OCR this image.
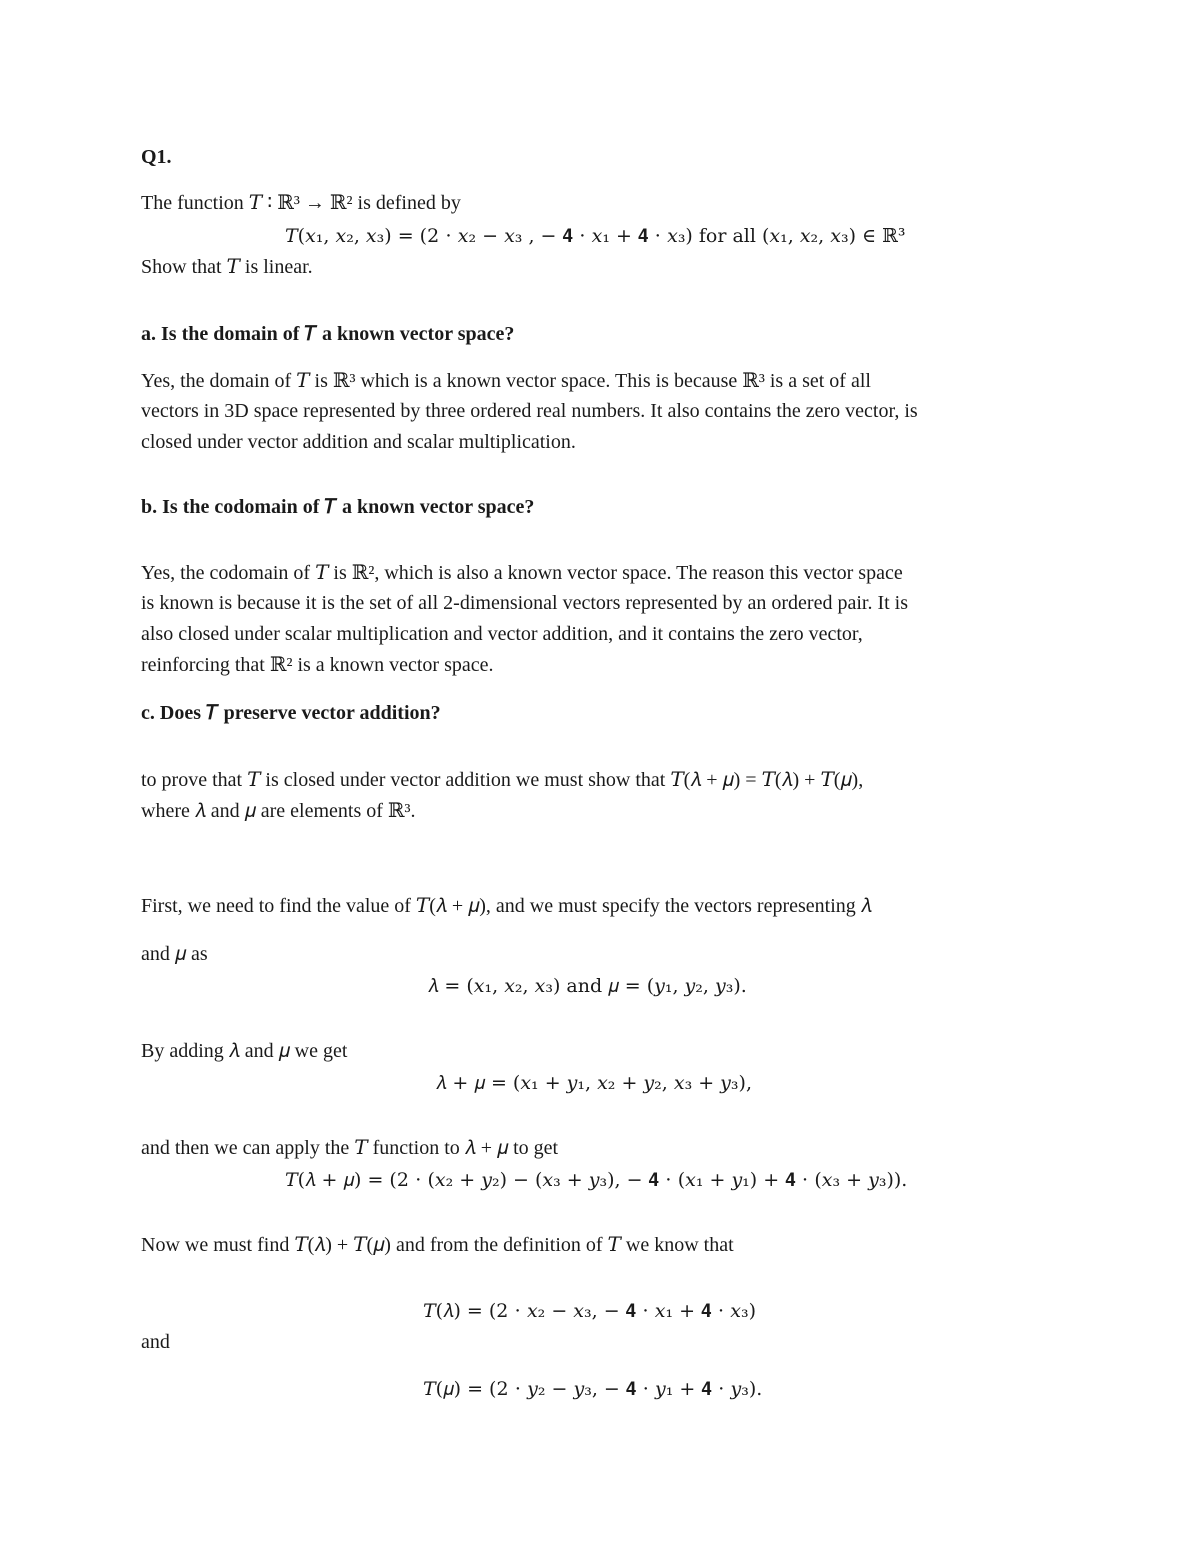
Q1.
The function 𝑇 ∶ ℝ³ → ℝ² is defined by
𝑇(𝑥₁, 𝑥₂, 𝑥₃) = (2 ⋅ 𝑥₂ − 𝑥₃ , − 𝟒 ⋅ 𝑥₁ + 𝟒 ⋅ 𝑥₃) for all (𝑥₁, 𝑥₂, 𝑥₃) ∈ ℝ³
Show that 𝑇 is linear.
a. Is the domain of 𝑇 a known vector space?
Yes, the domain of 𝑇 is ℝ³ which is a known vector space. This is because ℝ³ is a set of all
vectors in 3D space represented by three ordered real numbers. It also contains the zero vector, is
closed under vector addition and scalar multiplication.
b. Is the codomain of 𝑇 a known vector space?
Yes, the codomain of 𝑇 is ℝ², which is also a known vector space. The reason this vector space
is known is because it is the set of all 2-dimensional vectors represented by an ordered pair. It is
also closed under scalar multiplication and vector addition, and it contains the zero vector,
reinforcing that ℝ² is a known vector space.
c. Does 𝑇 preserve vector addition?
to prove that 𝑇 is closed under vector addition we must show that 𝑇(𝜆 + 𝜇) = 𝑇(𝜆) + 𝑇(𝜇),
where 𝜆 and 𝜇 are elements of ℝ³.
First, we need to find the value of 𝑇(𝜆 + 𝜇), and we must specify the vectors representing 𝜆
and 𝜇 as
𝜆 = (𝑥₁, 𝑥₂, 𝑥₃) and 𝜇 = (𝑦₁, 𝑦₂, 𝑦₃).
By adding 𝜆 and 𝜇 we get
𝜆 + 𝜇 = (𝑥₁ + 𝑦₁, 𝑥₂ + 𝑦₂, 𝑥₃ + 𝑦₃),
and then we can apply the 𝑇 function to 𝜆 + 𝜇 to get
𝑇(𝜆 + 𝜇) = (2 ⋅ (𝑥₂ + 𝑦₂) − (𝑥₃ + 𝑦₃), − 𝟒 ⋅ (𝑥₁ + 𝑦₁) + 𝟒 ⋅ (𝑥₃ + 𝑦₃)).
Now we must find 𝑇(𝜆) + 𝑇(𝜇) and from the definition of 𝑇 we know that
𝑇(𝜆) = (2 ⋅ 𝑥₂ − 𝑥₃, − 𝟒 ⋅ 𝑥₁ + 𝟒 ⋅ 𝑥₃)
and
𝑇(𝜇) = (2 ⋅ 𝑦₂ − 𝑦₃, − 𝟒 ⋅ 𝑦₁ + 𝟒 ⋅ 𝑦₃).
